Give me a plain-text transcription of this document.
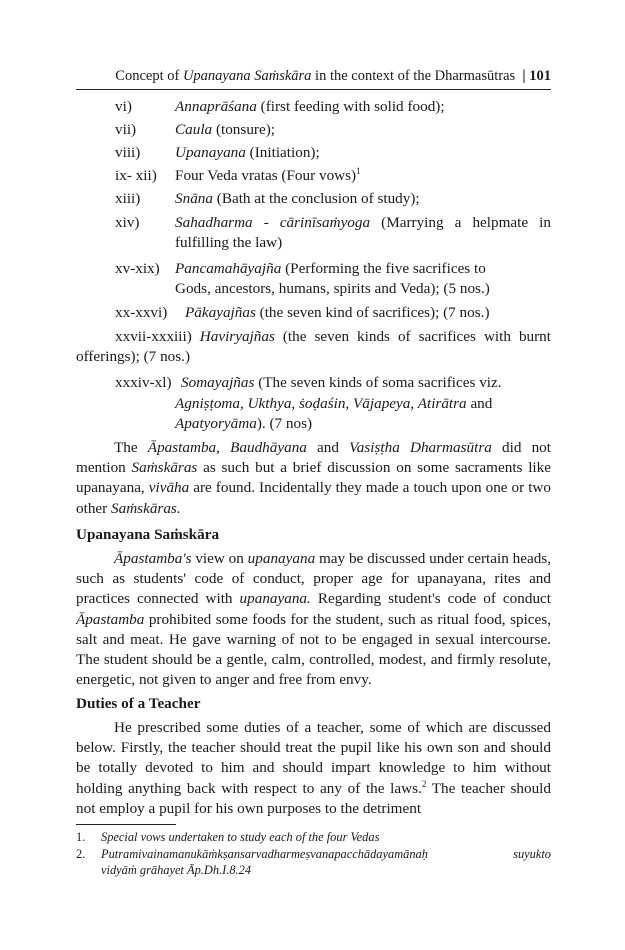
Concept of Upanayana Saṁskāra in the context of the Dharmasūtras | 101
vi)	Annaprāśana (first feeding with solid food);
vii)	Caula (tonsure);
viii) Upanayana (Initiation);
ix- xii) Four Veda vratas (Four vows)$^1$
xiii) Snāna (Bath at the conclusion of study);
xiv) Sahadharma - cārinīsaṁyoga (Marrying a helpmate in fulfilling the law)
xv-xix) Pancamahāyajña (Performing the five sacrifices to
Gods, ancestors, humans, spirits and Veda); (5 nos.)
xx-xxvi) Pākayajñas (the seven kind of sacrifices); (7 nos.)
xxvii-xxxiii) Haviryajñas (the seven kinds of sacrifices with burnt offerings); (7 nos.)
xxxiv-xl) Somayajñas (The seven kinds of soma sacrifices viz.
Agniṣṭoma, Ukthya, ṡoḍaśin, Vājapeya, Atirātra and
Apatyoryāma). (7 nos)
The Āpastamba, Baudhāyana and Vasiṣṭha Dharmasūtra did not mention Saṁskāras as such but a brief discussion on some sacraments like upanayana, vivāha are found. Incidentally they made a touch upon one or two other Saṁskāras.
Upanayana Saṁskāra
Āpastamba's view on upanayana may be discussed under certain heads, such as students' code of conduct, proper age for upanayana, rites and practices connected with upanayana. Regarding student's code of conduct Āpastamba prohibited some foods for the student, such as ritual food, spices, salt and meat. He gave warning of not to be engaged in sexual intercourse. The student should be a gentle, calm, controlled, modest, and firmly resolute, energetic, not given to anger and free from envy.
Duties of a Teacher
He prescribed some duties of a teacher, some of which are discussed below. Firstly, the teacher should treat the pupil like his own son and should be totally devoted to him and should impart knowledge to him without holding anything back with respect to any of the laws.$^2$ The teacher should not employ a pupil for his own purposes to the detriment
1. Special vows undertaken to study each of the four Vedas
2. Putramivainamanukāṁkṣansarvadharmeṣvanapacchādayamānaḥ suyukto
vidyāṁ grāhayet Āp.Dh.I.8.24
